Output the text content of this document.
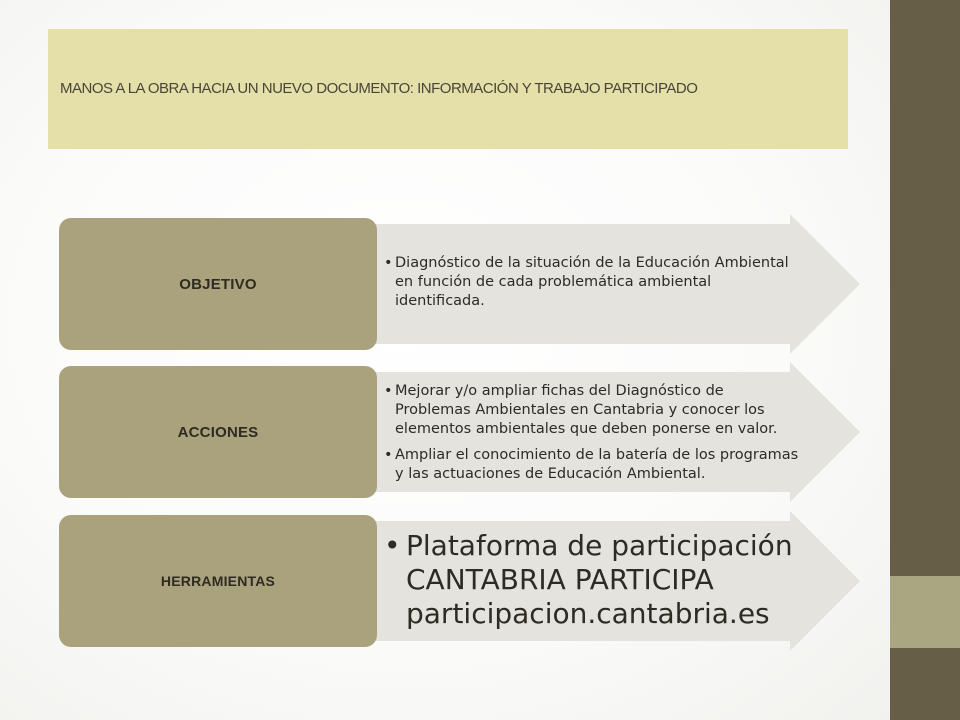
MANOS A LA OBRA HACIA UN NUEVO DOCUMENTO: INFORMACIÓN Y TRABAJO PARTICIPADO
OBJETIVO
• Diagnóstico de la situación de la Educación Ambiental en función de cada problemática ambiental identificada.
ACCIONES
• Mejorar y/o ampliar fichas del Diagnóstico de Problemas Ambientales en Cantabria y conocer los elementos ambientales que deben ponerse en valor.
• Ampliar el conocimiento de la batería de los programas y las actuaciones de Educación Ambiental.
HERRAMIENTAS
• Plataforma de participación CANTABRIA PARTICIPA participacion.cantabria.es
